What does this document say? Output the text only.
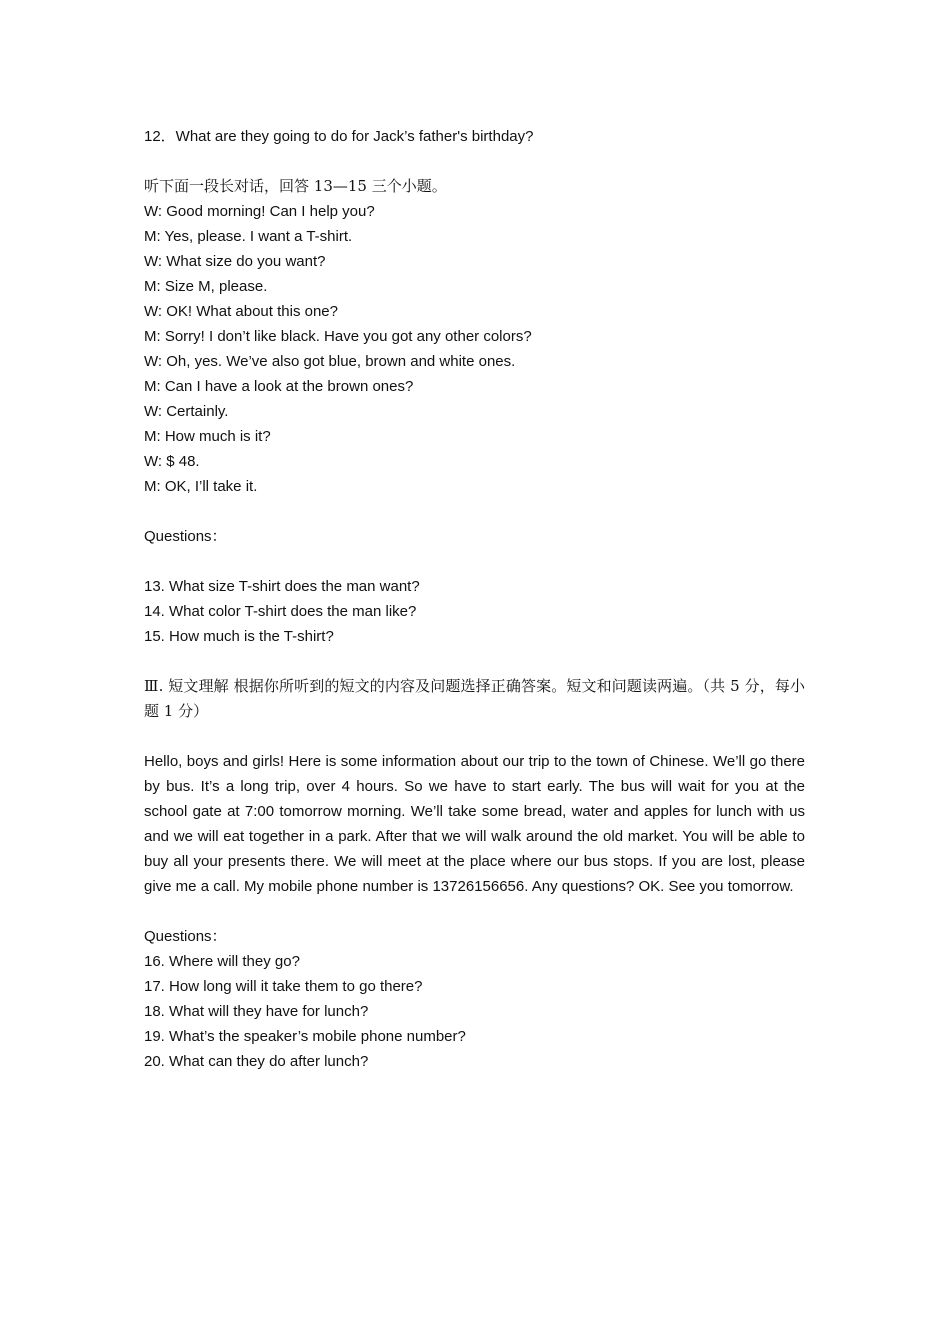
12．What are they going to do for Jack’s father's birthday?
听下面一段长对话，回答 13—15 三个小题。
W: Good morning! Can I help you?
M: Yes, please. I want a T-shirt.
W: What size do you want?
M: Size M, please.
W: OK! What about this one?
M: Sorry! I don’t like black. Have you got any other colors?
W: Oh, yes. We’ve also got blue, brown and white ones.
M: Can I have a look at the brown ones?
W: Certainly.
M: How much is it?
W: $ 48.
M: OK, I’ll take it.
Questions：
13. What size T-shirt does the man want?
14. What color T-shirt does the man like?
15. How much is the T-shirt?
Ⅲ. 短文理解 根据你所听到的短文的内容及问题选择正确答案。短文和问题读两遍。（共 5 分，每小题 1 分）
Hello, boys and girls! Here is some information about our trip to the town of Chinese. We’ll go there by bus. It’s a long trip, over 4 hours. So we have to start early. The bus will wait for you at the school gate at 7:00 tomorrow morning. We’ll take some bread, water and apples for lunch with us and we will eat together in a park. After that we will walk around the old market. You will be able to buy all your presents there. We will meet at the place where our bus stops. If you are lost, please give me a call. My mobile phone number is 13726156656. Any questions? OK. See you tomorrow.
Questions：
16. Where will they go?
17. How long will it take them to go there?
18. What will they have for lunch?
19. What’s the speaker’s mobile phone number?
20. What can they do after lunch?
